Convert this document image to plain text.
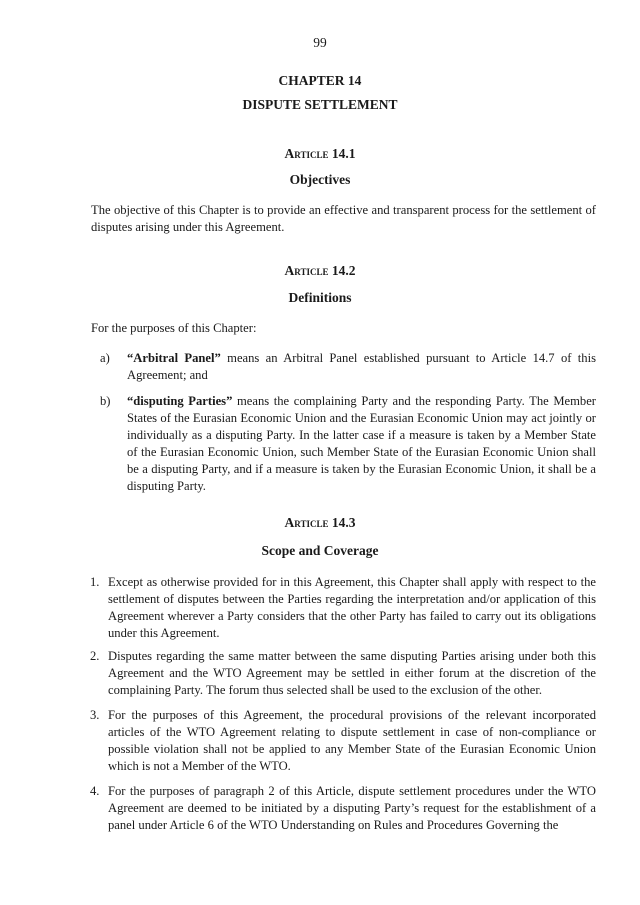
99
CHAPTER 14
DISPUTE SETTLEMENT
Article 14.1
Objectives
The objective of this Chapter is to provide an effective and transparent process for the settlement of disputes arising under this Agreement.
Article 14.2
Definitions
For the purposes of this Chapter:
a) “Arbitral Panel” means an Arbitral Panel established pursuant to Article 14.7 of this Agreement; and
b) “disputing Parties” means the complaining Party and the responding Party. The Member States of the Eurasian Economic Union and the Eurasian Economic Union may act jointly or individually as a disputing Party. In the latter case if a measure is taken by a Member State of the Eurasian Economic Union, such Member State of the Eurasian Economic Union shall be a disputing Party, and if a measure is taken by the Eurasian Economic Union, it shall be a disputing Party.
Article 14.3
Scope and Coverage
1. Except as otherwise provided for in this Agreement, this Chapter shall apply with respect to the settlement of disputes between the Parties regarding the interpretation and/or application of this Agreement wherever a Party considers that the other Party has failed to carry out its obligations under this Agreement.
2. Disputes regarding the same matter between the same disputing Parties arising under both this Agreement and the WTO Agreement may be settled in either forum at the discretion of the complaining Party. The forum thus selected shall be used to the exclusion of the other.
3. For the purposes of this Agreement, the procedural provisions of the relevant incorporated articles of the WTO Agreement relating to dispute settlement in case of non-compliance or possible violation shall not be applied to any Member State of the Eurasian Economic Union which is not a Member of the WTO.
4. For the purposes of paragraph 2 of this Article, dispute settlement procedures under the WTO Agreement are deemed to be initiated by a disputing Party’s request for the establishment of a panel under Article 6 of the WTO Understanding on Rules and Procedures Governing the
